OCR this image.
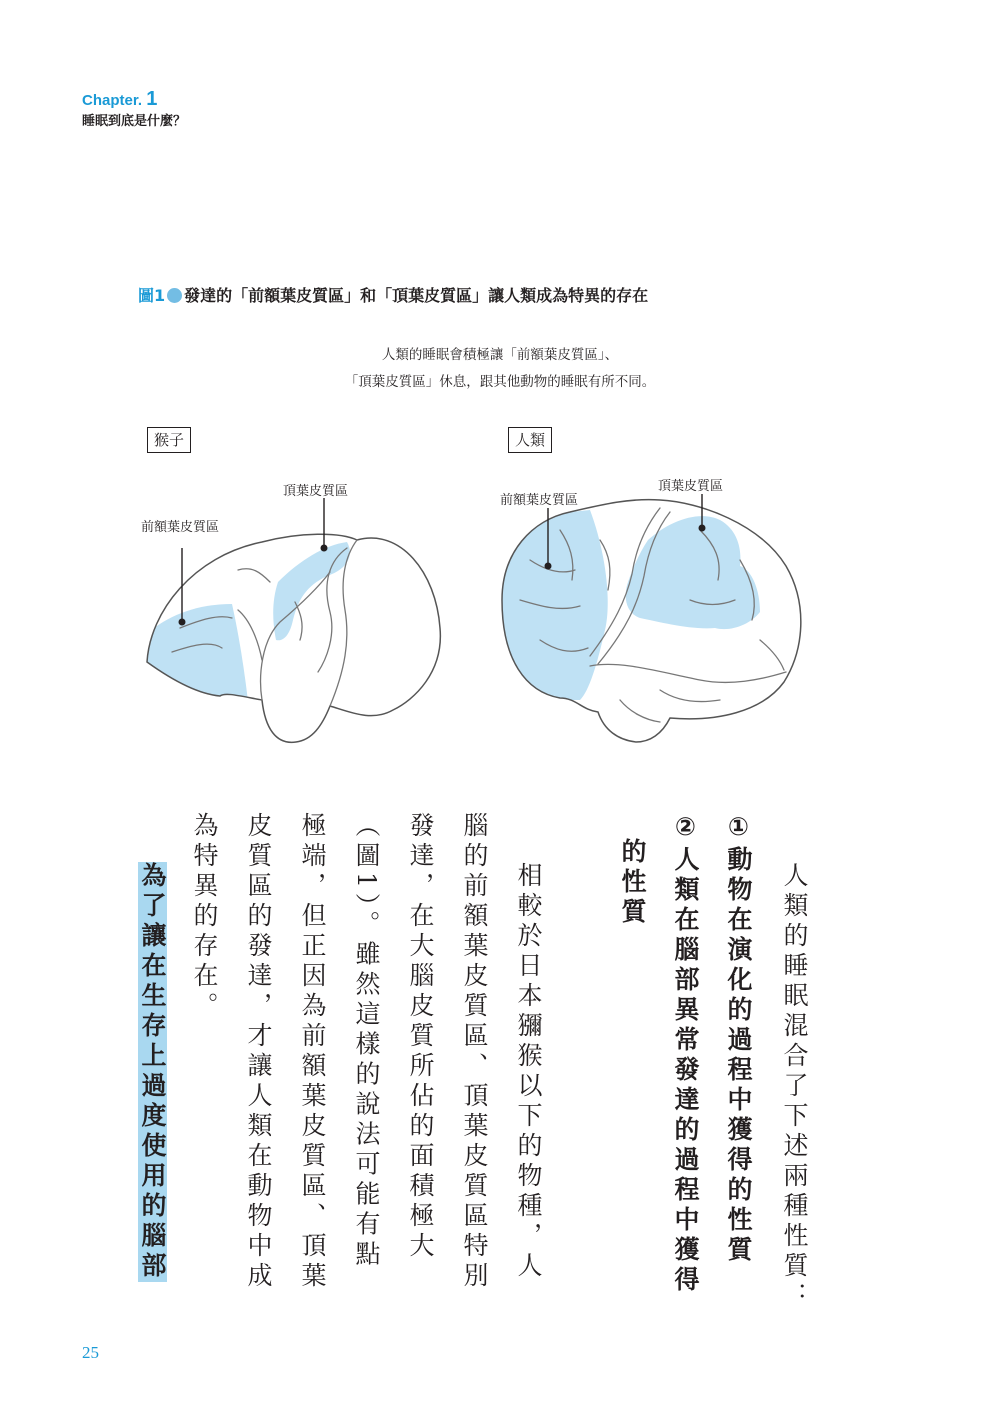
Chapter. 1
睡眠到底是什麼？
圖1 發達的「前額葉皮質區」和「頂葉皮質區」讓人類成為特異的存在
人類的睡眠會積極讓「前額葉皮質區」、
「頂葉皮質區」休息，跟其他動物的睡眠有所不同。
猴子	人類
頂葉皮質區
前額葉皮質區
頂葉皮質區
前額葉皮質區
人類的睡眠混合了下述兩種性質：
①動物在演化的過程中獲得的性質
②人類在腦部異常發達的過程中獲得
的性質
　相較於日本獼猴以下的物種，人
腦的前額葉皮質區、頂葉皮質區特別
發達，在大腦皮質所佔的面積極大
（圖1）。雖然這樣的說法可能有點
極端，但正因為前額葉皮質區、頂葉
皮質區的發達，才讓人類在動物中成
為特異的存在。
為了讓在生存上過度使用的腦部
25
